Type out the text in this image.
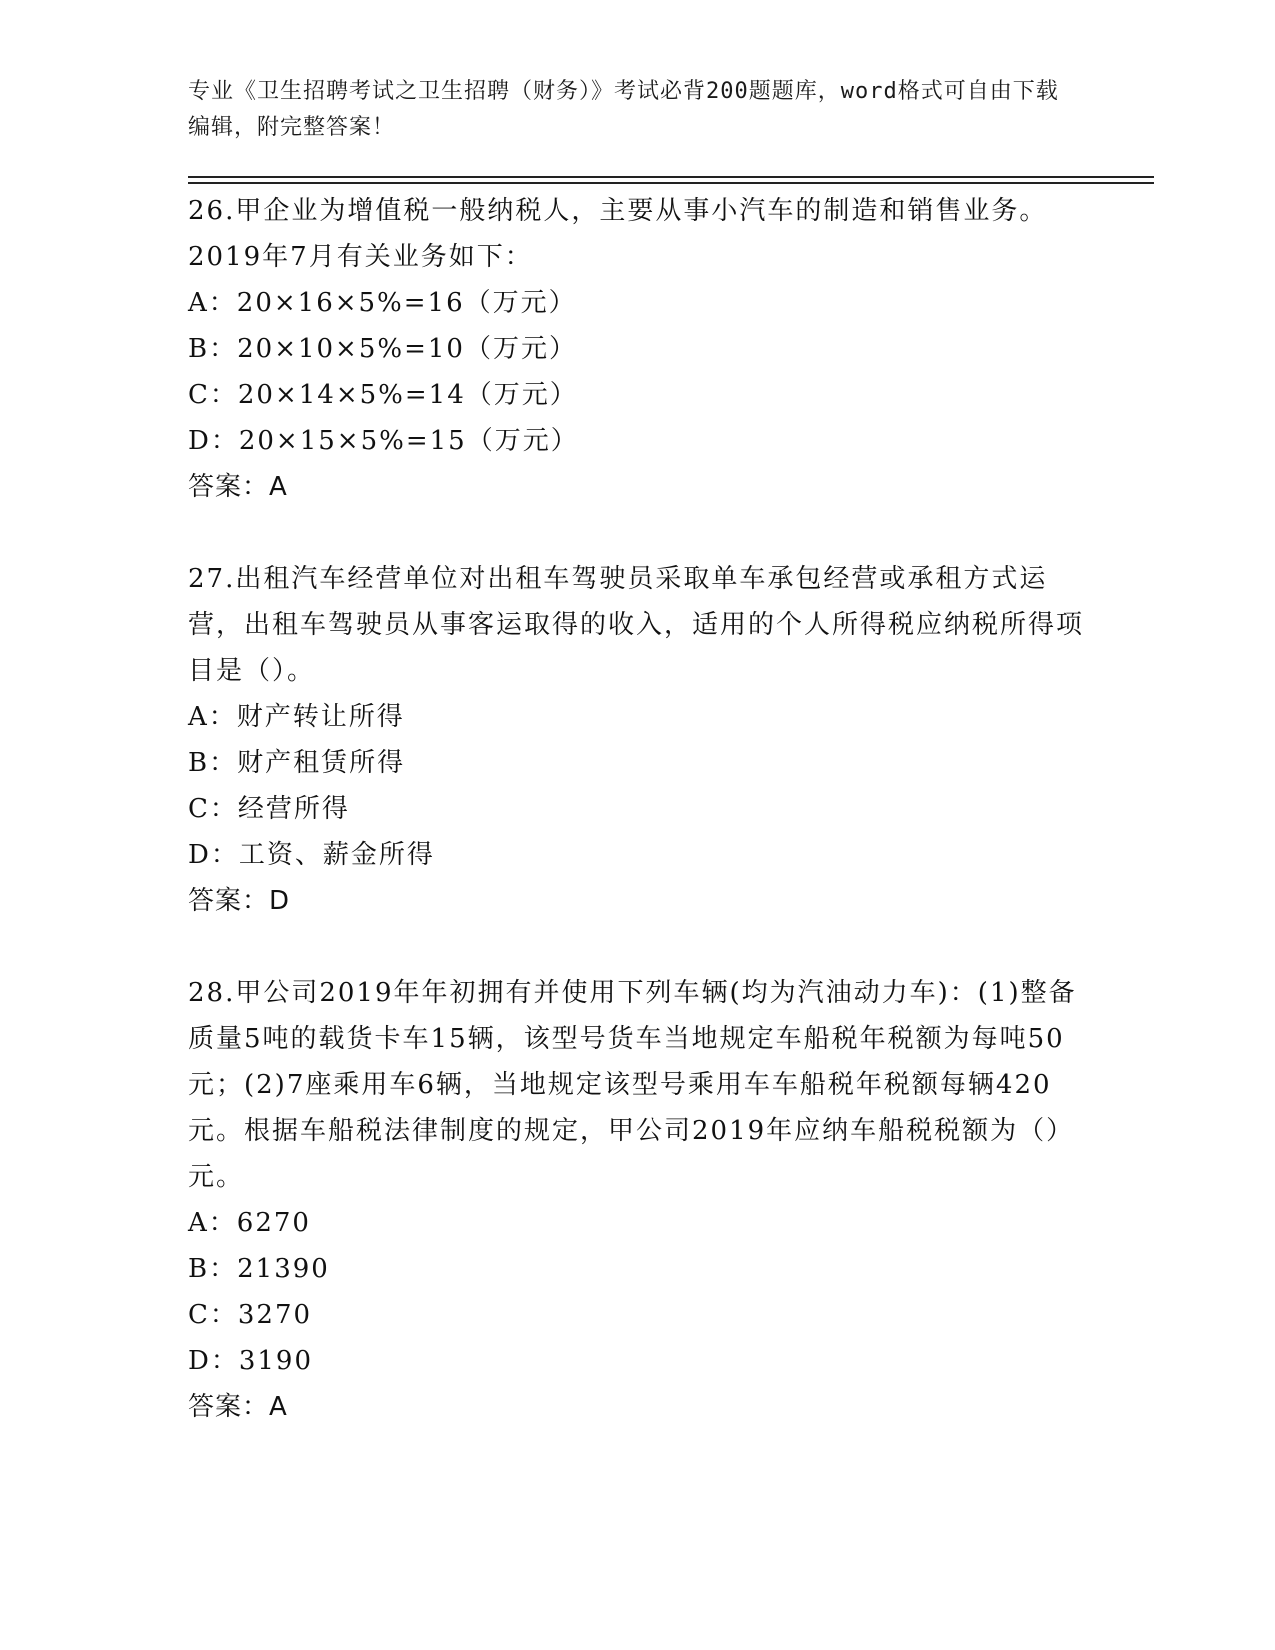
专业《卫生招聘考试之卫生招聘（财务）》考试必背200题题库，word格式可自由下载编辑，附完整答案！
26.甲企业为增值税一般纳税人，主要从事小汽车的制造和销售业务。2019年7月有关业务如下：
A：20×16×5%=16（万元）
B：20×10×5%=10（万元）
C：20×14×5%=14（万元）
D：20×15×5%=15（万元）
答案：A
27.出租汽车经营单位对出租车驾驶员采取单车承包经营或承租方式运营，出租车驾驶员从事客运取得的收入，适用的个人所得税应纳税所得项目是（）。
A：财产转让所得
B：财产租赁所得
C：经营所得
D：工资、薪金所得
答案：D
28.甲公司2019年年初拥有并使用下列车辆(均为汽油动力车)：(1)整备质量5吨的载货卡车15辆，该型号货车当地规定车船税年税额为每吨50元；(2)7座乘用车6辆，当地规定该型号乘用车车船税年税额每辆420元。根据车船税法律制度的规定，甲公司2019年应纳车船税税额为（）元。
A：6270
B：21390
C：3270
D：3190
答案：A
